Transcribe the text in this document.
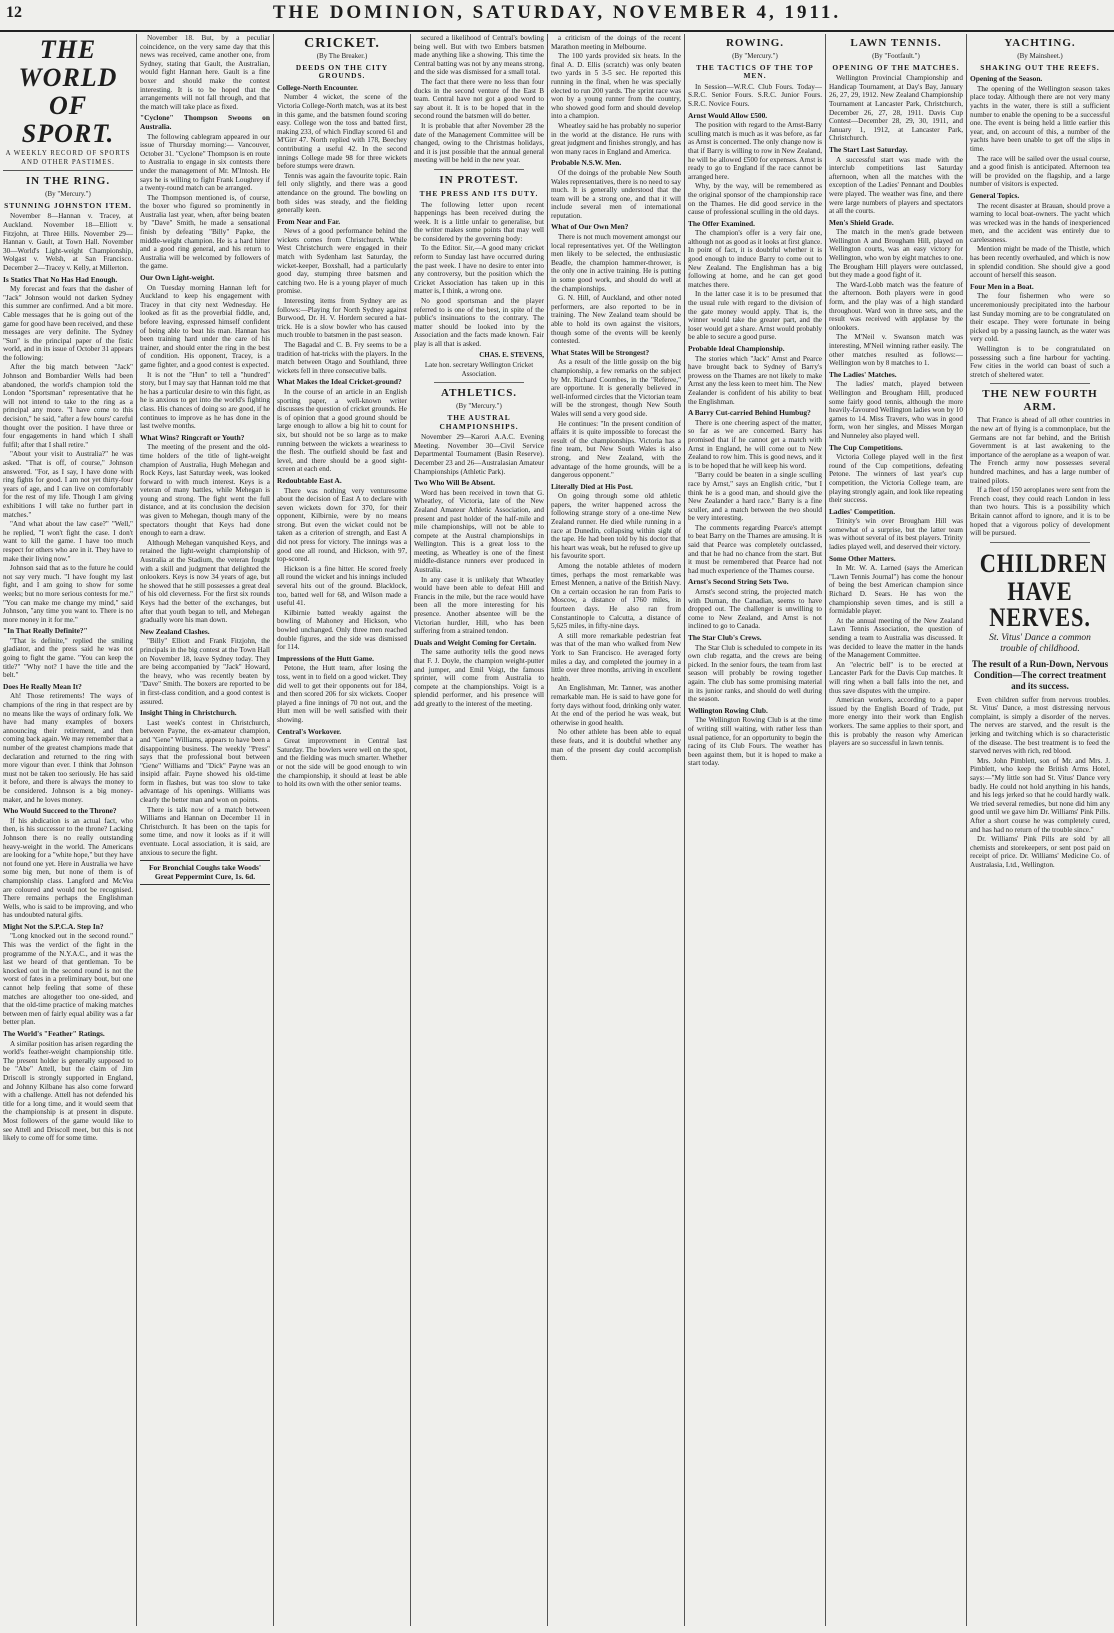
12	THE DOMINION, SATURDAY, NOVEMBER 4, 1911.
THE WORLD OF SPORT.
A WEEKLY RECORD OF SPORTS AND OTHER PASTIMES.
IN THE RING.
(By "Mercury.")
STUNNING JOHNSTON ITEM.

November 8—Hannan v. Tracey, at Auckland. November 18—Elliott v. Fitzjohn, at Three Hills. November 29—Hannan v. Gault, at Town Hall. November 30—World's Light-weight Championship, Wolgast v. Welsh, at San Francisco. December 2—Tracey v. Kelly, at Millerton.

Is Statics That No Has Had Enough.

My forecast and fears that the dasher of "Jack" Johnson would not darken Sydney this summer are confirmed. And a bit more. Cable messages that he is going out of the game for good have been received, and these messages are very definite. The Sydney "Sun" is the principal paper of the fistic world, and in its issue of October 31 appears the following:

After the big match between "Jack" Johnson and Bombardier Wells had been abandoned, the world's champion told the London "Sportsman" representative that he will not intend to take to the ring as a principal any more. "I have come to this decision," he said, "after a few hours' careful thought over the position. I have three or four engagements in hand which I shall fulfil; after that I shall retire."

"About your visit to Australia?" he was asked. "That is off, of course," Johnson answered. "For, as I say, I have done with ring fights for good. I am not yet thirty-four years of age, and I can live on comfortably for the rest of my life. Though I am giving exhibitions I will take no further part in matches."

"And what about the law case?" "Well," he replied, "I won't fight the case. I don't want to kill the game. I have too much respect for others who are in it. They have to make their living now."

Johnson said that as to the future he could not say very much. "I have fought my last fight, and I am going to show for some weeks; but no more serious contests for me." "You can make me change my mind," said Johnson, "any time you want to. There is no more money in it for me."

"In That Really Definite?"

"That is definite," replied the smiling gladiator, and the press said he was not going to fight the game. "You can keep the title?" "Why not? I have the title and the belt."

Does He Really Mean It?

Ah! Those retirements! The ways of champions of the ring in that respect are by no means like the ways of ordinary folk. We have had many examples of boxers announcing their retirement, and then coming back again. We may remember that a number of the greatest champions made that declaration and returned to the ring with more vigour than ever. I think that Johnson must not be taken too seriously. He has said it before, and there is always the money to be considered. Johnson is a big money-maker, and he loves money.

Who Would Succeed to the Throne?

If his abdication is an actual fact, who then, is his successor to the throne? Lacking Johnson there is no really outstanding heavy-weight in the world. The Americans are looking for a "white hope," but they have not found one yet. Here in Australia we have some big men, but none of them is of championship class. Langford and McVea are coloured and would not be recognised. There remains perhaps the Englishman Wells, who is said to be improving, and who has undoubted natural gifts.

Might Not the S.P.C.A. Step In?

"Long knocked out in the second round." This was the verdict of the fight in the programme of the N.Y.A.C., and it was the last we heard of that gentleman. To be knocked out in the second round is not the worst of fates in a preliminary bout, but one cannot help feeling that some of these matches are altogether too one-sided, and that the old-time practice of making matches between men of fairly equal ability was a far better plan.

The World's "Feather" Ratings.

A similar position has arisen regarding the world's feather-weight championship title. The present holder is generally supposed to be "Abe" Attell, but the claim of Jim Driscoll is strongly supported in England, and Johnny Kilbane has also come forward with a challenge. Attell has not defended his title for a long time, and it would seem that the championship is at present in dispute. Most followers of the game would like to see Attell and Driscoll meet, but this is not likely to come off for some time.

November 18. But, by a peculiar coincidence, on the very same day that this news was received, came another one, from Sydney, stating that Gault, the Australian, would fight Hannan here. Gault is a fine boxer and should make the contest interesting. It is to be hoped that the arrangements will not fall through, and that the match will take place as fixed.

"Cyclone" Thompson Swoons on Australia.

The following cablegram appeared in our issue of Thursday morning:— Vancouver, October 31. "Cyclone" Thompson is en route to Australia to engage in six contests there under the management of Mr. M'Intosh. He says he is willing to fight Frank Loughrey if a twenty-round match can be arranged.

The Thompson mentioned is, of course, the boxer who figured so prominently in Australia last year, when, after being beaten by "Dave" Smith, he made a sensational finish by defeating "Billy" Papke, the middle-weight champion. He is a hard hitter and a good ring general, and his return to Australia will be welcomed by followers of the game.

Our Own Light-weight.

On Tuesday morning Hannan left for Auckland to keep his engagement with Tracey in that city next Wednesday. He looked as fit as the proverbial fiddle, and, before leaving, expressed himself confident of being able to beat his man. Hannan has been training hard under the care of his trainer, and should enter the ring in the best of condition. His opponent, Tracey, is a game fighter, and a good contest is expected.

It is not the "Hun" to tell a "hundred" story, but I may say that Hannan told me that he has a particular desire to win this fight, as he is anxious to get into the world's fighting class. His chances of doing so are good, if he continues to improve as he has done in the last twelve months.

What Wins? Ringcraft or Youth?

The meeting of the present and the old-time holders of the title of light-weight champion of Australia, Hugh Mehegan and Rock Keys, last Saturday week, was looked forward to with much interest. Keys is a veteran of many battles, while Mehegan is young and strong. The fight went the full distance, and at its conclusion the decision was given to Mehegan, though many of the spectators thought that Keys had done enough to earn a draw.

Although Mehegan vanquished Keys, and retained the light-weight championship of Australia at the Stadium, the veteran fought with a skill and judgment that delighted the onlookers. Keys is now 34 years of age, but he showed that he still possesses a great deal of his old cleverness. For the first six rounds Keys had the better of the exchanges, but after that youth began to tell, and Mehegan gradually wore his man down.

New Zealand Clashes.

"Billy" Elliott and Frank Fitzjohn, the principals in the big contest at the Town Hall on November 18, leave Sydney today. They are being accompanied by "Jack" Howard, the heavy, who was recently beaten by "Dave" Smith. The boxers are reported to be in first-class condition, and a good contest is assured.

Insight Thing in Christchurch.

Last week's contest in Christchurch, between Payne, the ex-amateur champion, and "Gene" Williams, appears to have been a disappointing business. The weekly "Press" says that the professional bout between "Gene" Williams and "Dick" Payne was an insipid affair. Payne showed his old-time form in flashes, but was too slow to take advantage of his openings. Williams was clearly the better man and won on points.

There is talk now of a match between Williams and Hannan on December 11 in Christchurch. It has been on the tapis for some time, and now it looks as if it will eventuate. Local association, it is said, are anxious to secure the fight.

For Bronchial Coughs take Woods' Great Peppermint Cure, 1s. 6d.
CRICKET.
(By The Breaker.)
DEEDS ON THE CITY GROUNDS.
College-North Encounter.

Number 4 wicket, the scene of the Victoria College-North match, was at its best in this game, and the batsmen found scoring easy. College won the toss and batted first, making 233, of which Findlay scored 61 and M'Girr 47. North replied with 178, Beechey contributing a useful 42. In the second innings College made 98 for three wickets before stumps were drawn.

Tennis was again the favourite topic. Rain fell only slightly, and there was a good attendance on the ground. The bowling on both sides was steady, and the fielding generally keen.

From Near and Far.

News of a good performance behind the wickets comes from Christchurch. While West Christchurch were engaged in their match with Sydenham last Saturday, the wicket-keeper, Boxshall, had a particularly good day, stumping three batsmen and catching two. He is a young player of much promise.

Interesting items from Sydney are as follows:—Playing for North Sydney against Burwood, Dr. H. V. Hordern secured a hat-trick. He is a slow bowler who has caused much trouble to batsmen in the past season.

The Bagadal and C. B. Fry seems to be a tradition of hat-tricks with the players. In the match between Otago and Southland, three wickets fell in three consecutive balls.

What Makes the Ideal Cricket-ground?

In the course of an article in an English sporting paper, a well-known writer discusses the question of cricket grounds. He is of opinion that a good ground should be large enough to allow a big hit to count for six, but should not be so large as to make running between the wickets a weariness to the flesh. The outfield should be fast and level, and there should be a good sight-screen at each end.

Redoubtable East A.

There was nothing very venturesome about the decision of East A to declare with seven wickets down for 370, for their opponent, Kilbirnie, were by no means strong. But even the wicket could not be taken as a criterion of strength, and East A did not press for victory. The innings was a good one all round, and Hickson, with 97, top-scored.

Hickson is a fine hitter. He scored freely all round the wicket and his innings included several hits out of the ground. Blacklock, too, batted well for 68, and Wilson made a useful 41.

Kilbirnie batted weakly against the bowling of Mahoney and Hickson, who bowled unchanged. Only three men reached double figures, and the side was dismissed for 114.

Impressions of the Hutt Game.

Petone, the Hutt team, after losing the toss, went in to field on a good wicket. They did well to get their opponents out for 184, and then scored 206 for six wickets. Cooper played a fine innings of 70 not out, and the Hutt men will be well satisfied with their showing.

Central's Workover.

Great improvement in Central last Saturday. The bowlers were well on the spot, and the fielding was much smarter. Whether or not the side will be good enough to win the championship, it should at least be able to hold its own with the other senior teams.

secured a likelihood of Central's bowling being well. But with two Embers batsmen made anything like a showing. This time the Central batting was not by any means strong, and the side was dismissed for a small total.

The fact that there were no less than four ducks in the second venture of the East B team. Central have not got a good word to say about it. It is to be hoped that in the second round the batsmen will do better.

It is probable that after November 28 the date of the Management Committee will be changed, owing to the Christmas holidays, and it is just possible that the annual general meeting will be held in the new year.

IN PROTEST.
THE PRESS AND ITS DUTY.

The following letter upon recent happenings has been received during the week. It is a little unfair to generalise, but the writer makes some points that may well be considered by the governing body:

To the Editor. Sir,—A good many cricket reform to Sunday last have occurred during the past week. I have no desire to enter into any controversy, but the position which the Cricket Association has taken up in this matter is, I think, a wrong one.

No good sportsman and the player referred to is one of the best, in spite of the public's insinuations to the contrary. The matter should be looked into by the Association and the facts made known. Fair play is all that is asked.

CHAS. E. STEVENS,
Late hon. secretary Wellington Cricket Association.
ATHLETICS.
(By "Mercury.")
THE AUSTRAL CHAMPIONSHIPS.

November 29—Karori A.A.C. Evening Meeting. November 30—Civil Service Departmental Tournament (Basin Reserve). December 23 and 26—Australasian Amateur Championships (Athletic Park).

Two Who Will Be Absent.

Word has been received in town that G. Wheatley, of Victoria, late of the New Zealand Amateur Athletic Association, and present and past holder of the half-mile and mile championships, will not be able to compete at the Austral championships in Wellington. This is a great loss to the meeting, as Wheatley is one of the finest middle-distance runners ever produced in Australia.

In any case it is unlikely that Wheatley would have been able to defeat Hill and Francis in the mile, but the race would have been all the more interesting for his presence. Another absentee will be the Victorian hurdler, Hill, who has been suffering from a strained tendon.

Duals and Weight Coming for Certain.

The same authority tells the good news that F. J. Doyle, the champion weight-putter and jumper, and Emil Voigt, the famous sprinter, will come from Australia to compete at the championships. Voigt is a splendid performer, and his presence will add greatly to the interest of the meeting.

a criticism of the doings of the recent Marathon meeting in Melbourne.

The 100 yards provided six heats. In the final A. D. Ellis (scratch) was only beaten two yards in 5 3-5 sec. He reported this running in the final, when he was specially elected to run 200 yards. The sprint race was won by a young runner from the country, who showed good form and should develop into a champion.

Wheatley said he has probably no superior in the world at the distance. He runs with great judgment and finishes strongly, and has won many races in England and America.

Probable N.S.W. Men.

Of the doings of the probable New South Wales representatives, there is no need to say much. It is generally understood that the team will be a strong one, and that it will include several men of international reputation.

What of Our Own Men?

There is not much movement amongst our local representatives yet. Of the Wellington men likely to be selected, the enthusiastic Beadle, the champion hammer-thrower, is the only one in active training. He is putting in some good work, and should do well at the championships.

G. N. Hill, of Auckland, and other noted performers, are also reported to be in training. The New Zealand team should be able to hold its own against the visitors, though some of the events will be keenly contested.

What States Will be Strongest?

As a result of the little gossip on the big championship, a few remarks on the subject by Mr. Richard Coombes, in the "Referee," are opportune. It is generally believed in well-informed circles that the Victorian team will be the strongest, though New South Wales will send a very good side.

He continues: "In the present condition of affairs it is quite impossible to forecast the result of the championships. Victoria has a fine team, but New South Wales is also strong, and New Zealand, with the advantage of the home grounds, will be a dangerous opponent."

Literally Died at His Post.

On going through some old athletic papers, the writer happened across the following strange story of a one-time New Zealand runner. He died while running in a race at Dunedin, collapsing within sight of the tape. He had been told by his doctor that his heart was weak, but he refused to give up his favourite sport.

Among the notable athletes of modern times, perhaps the most remarkable was Ernest Mennen, a native of the British Navy. On a certain occasion he ran from Paris to Moscow, a distance of 1760 miles, in fourteen days. He also ran from Constantinople to Calcutta, a distance of 5,625 miles, in fifty-nine days.

A still more remarkable pedestrian feat was that of the man who walked from New York to San Francisco. He averaged forty miles a day, and completed the journey in a little over three months, arriving in excellent health.

An Englishman, Mr. Tanner, was another remarkable man. He is said to have gone for forty days without food, drinking only water. At the end of the period he was weak, but otherwise in good health.

No other athlete has been able to equal these feats, and it is doubtful whether any man of the present day could accomplish them.

ROWING.
(By "Mercury.")
THE TACTICS OF THE TOP MEN.

In Session—W.R.C. Club Fours. Today—S.R.C. Senior Fours. S.R.C. Junior Fours. S.R.C. Novice Fours.

Arnst Would Allow £500.

The position with regard to the Arnst-Barry sculling match is much as it was before, as far as Arnst is concerned. The only change now is that if Barry is willing to row in New Zealand, he will be allowed £500 for expenses. Arnst is ready to go to England if the race cannot be arranged here.

Why, by the way, will be remembered as the original sponsor of the championship race on the Thames. He did good service in the cause of professional sculling in the old days.

The Offer Examined.

The champion's offer is a very fair one, although not as good as it looks at first glance. In point of fact, it is doubtful whether it is good enough to induce Barry to come out to New Zealand. The Englishman has a big following at home, and he can get good matches there.

In the latter case it is to be presumed that the usual rule with regard to the division of the gate money would apply. That is, the winner would take the greater part, and the loser would get a share. Arnst would probably be able to secure a good purse.

Probable Ideal Championship.

The stories which "Jack" Arnst and Pearce have brought back to Sydney of Barry's prowess on the Thames are not likely to make Arnst any the less keen to meet him. The New Zealander is confident of his ability to beat the Englishman.

A Barry Cut-carried Behind Humbug?

There is one cheering aspect of the matter, so far as we are concerned. Barry has promised that if he cannot get a match with Arnst in England, he will come out to New Zealand to row him. This is good news, and it is to be hoped that he will keep his word.

"Barry could be beaten in a single sculling race by Arnst," says an English critic, "but I think he is a good man, and should give the New Zealander a hard race." Barry is a fine sculler, and a match between the two should be very interesting.

The comments regarding Pearce's attempt to beat Barry on the Thames are amusing. It is said that Pearce was completely outclassed, and that he had no chance from the start. But it must be remembered that Pearce had not had much experience of the Thames course.

Arnst's Second String Sets Two.

Arnst's second string, the projected match with Durnan, the Canadian, seems to have dropped out. The challenger is unwilling to come to New Zealand, and Arnst is not inclined to go to Canada.

The Star Club's Crews.

The Star Club is scheduled to compete in its own club regatta, and the crews are being picked. In the senior fours, the team from last season will probably be rowing together again. The club has some promising material in its junior ranks, and should do well during the season.

Wellington Rowing Club.

The Wellington Rowing Club is at the time of writing still waiting, with rather less than usual patience, for an opportunity to begin the racing of its Club Fours. The weather has been against them, but it is hoped to make a start today.

LAWN TENNIS.
(By "Footfault.")
OPENING OF THE MATCHES.

Wellington Provincial Championship and Handicap Tournament, at Day's Bay, January 26, 27, 29, 1912. New Zealand Championship Tournament at Lancaster Park, Christchurch, December 26, 27, 28, 1911. Davis Cup Contest—December 28, 29, 30, 1911, and January 1, 1912, at Lancaster Park, Christchurch.

The Start Last Saturday.

A successful start was made with the interclub competitions last Saturday afternoon, when all the matches with the exception of the Ladies' Pennant and Doubles were played. The weather was fine, and there were large numbers of players and spectators at all the courts.

Men's Shield Grade.

The match in the men's grade between Wellington A and Brougham Hill, played on Wellington courts, was an easy victory for Wellington, who won by eight matches to one. The Brougham Hill players were outclassed, but they made a good fight of it.

The Ward-Lobb match was the feature of the afternoon. Both players were in good form, and the play was of a high standard throughout. Ward won in three sets, and the result was received with applause by the onlookers.

The M'Neil v. Swanson match was interesting, M'Neil winning rather easily. The other matches resulted as follows:—Wellington won by 8 matches to 1.

The Ladies' Matches.

The ladies' match, played between Wellington and Brougham Hill, produced some fairly good tennis, although the more heavily-favoured Wellington ladies won by 10 games to 14. Miss Travers, who was in good form, won her singles, and Misses Morgan and Nunneley also played well.

The Cup Competitions.

Victoria College played well in the first round of the Cup competitions, defeating Petone. The winners of last year's cup competition, the Victoria College team, are playing strongly again, and look like repeating their success.

Ladies' Competition.

Trinity's win over Brougham Hill was somewhat of a surprise, but the latter team was without several of its best players. Trinity ladies played well, and deserved their victory.

Some Other Matters.

In Mr. W. A. Larned (says the American "Lawn Tennis Journal") has come the honour of being the best American champion since Richard D. Sears. He has won the championship seven times, and is still a formidable player.

At the annual meeting of the New Zealand Lawn Tennis Association, the question of sending a team to Australia was discussed. It was decided to leave the matter in the hands of the Management Committee.

An "electric bell" is to be erected at Lancaster Park for the Davis Cup matches. It will ring when a ball falls into the net, and thus save disputes with the umpire.

American workers, according to a paper issued by the English Board of Trade, put more energy into their work than English workers. The same applies to their sport, and this is probably the reason why American players are so successful in lawn tennis.

YACHTING.
(By Mainsheet.)
SHAKING OUT THE REEFS.
Opening of the Season.

The opening of the Wellington season takes place today. Although there are not very many yachts in the water, there is still a sufficient number to enable the opening to be a successful one. The event is being held a little earlier this year, and, on account of this, a number of the yachts have been unable to get off the slips in time.

The race will be sailed over the usual course, and a good finish is anticipated. Afternoon tea will be provided on the flagship, and a large number of visitors is expected.

General Topics.

The recent disaster at Brauan, should prove a warning to local boat-owners. The yacht which was wrecked was in the hands of inexperienced men, and the accident was entirely due to carelessness.

Mention might be made of the Thistle, which has been recently overhauled, and which is now in splendid condition. She should give a good account of herself this season.

Four Men in a Boat.

The four fishermen who were so unceremoniously precipitated into the harbour last Sunday morning are to be congratulated on their escape. They were fortunate in being picked up by a passing launch, as the water was very cold.

Wellington is to be congratulated on possessing such a fine harbour for yachting. Few cities in the world can boast of such a stretch of sheltered water.

THE NEW FOURTH ARM.

That France is ahead of all other countries in the new art of flying is a commonplace, but the Germans are not far behind, and the British Government is at last awakening to the importance of the aeroplane as a weapon of war. The French army now possesses several hundred machines, and has a large number of trained pilots.

If a fleet of 150 aeroplanes were sent from the French coast, they could reach London in less than two hours. This is a possibility which Britain cannot afford to ignore, and it is to be hoped that a vigorous policy of development will be pursued.

CHILDREN
HAVE NERVES.
St. Vitus' Dance a common
trouble of childhood.
The result of a Run-Down, Nervous Condition—The correct treatment and its success.

Even children suffer from nervous troubles. St. Vitus' Dance, a most distressing nervous complaint, is simply a disorder of the nerves. The nerves are starved, and the result is the jerking and twitching which is so characteristic of the disease. The best treatment is to feed the starved nerves with rich, red blood.

Mrs. John Pimblett, son of Mr. and Mrs. J. Pimblett, who keep the British Arms Hotel, says:—"My little son had St. Vitus' Dance very badly. He could not hold anything in his hands, and his legs jerked so that he could hardly walk. We tried several remedies, but none did him any good until we gave him Dr. Williams' Pink Pills. After a short course he was completely cured, and has had no return of the trouble since."

Dr. Williams' Pink Pills are sold by all chemists and storekeepers, or sent post paid on receipt of price. Dr. Williams' Medicine Co. of Australasia, Ltd., Wellington.
